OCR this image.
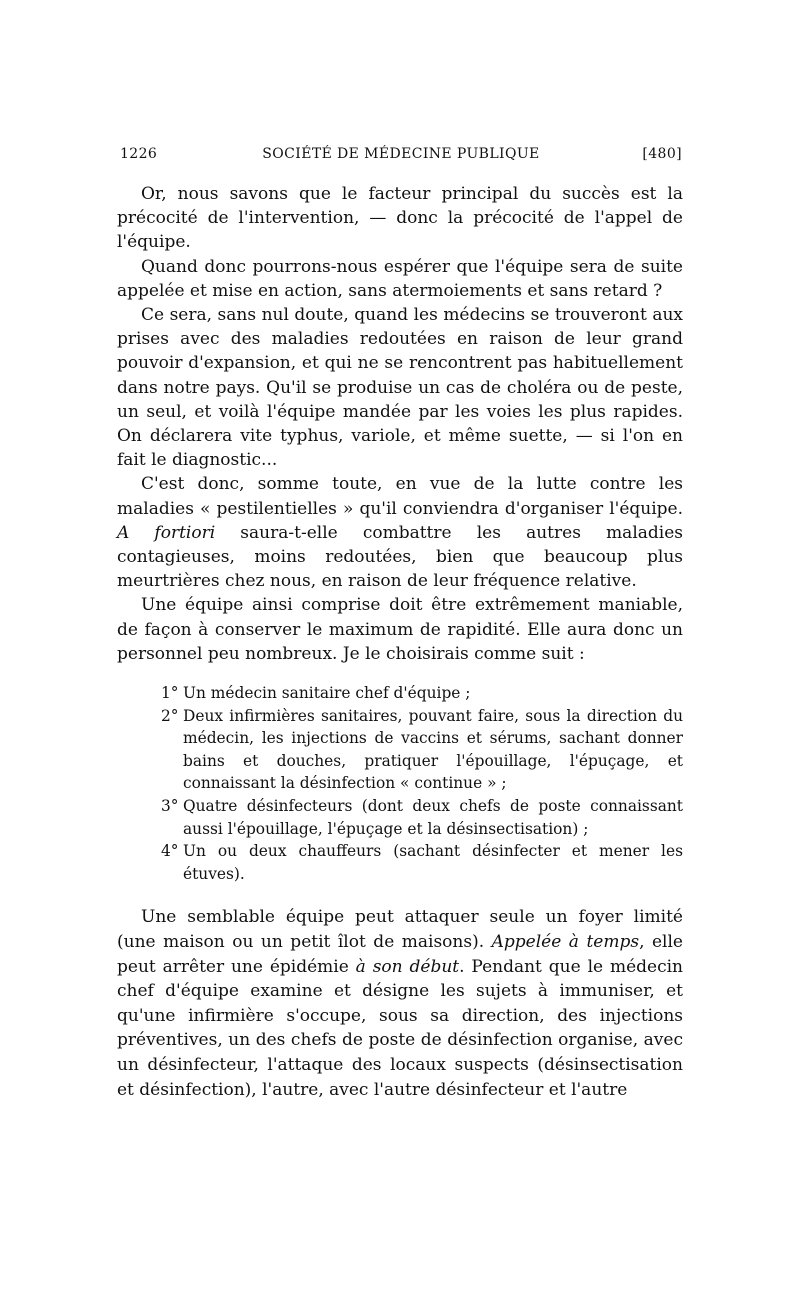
1226	SOCIÉTÉ DE MÉDECINE PUBLIQUE	[480]

Or, nous savons que le facteur principal du succès est la précocité de l'intervention, — donc la précocité de l'appel de l'équipe.

Quand donc pourrons-nous espérer que l'équipe sera de suite appelée et mise en action, sans atermoiements et sans retard ?

Ce sera, sans nul doute, quand les médecins se trouveront aux prises avec des maladies redoutées en raison de leur grand pouvoir d'expansion, et qui ne se rencontrent pas habituellement dans notre pays. Qu'il se produise un cas de choléra ou de peste, un seul, et voilà l'équipe mandée par les voies les plus rapides. On déclarera vite typhus, variole, et même suette, — si l'on en fait le diagnostic...

C'est donc, somme toute, en vue de la lutte contre les maladies « pestilentielles » qu'il conviendra d'organiser l'équipe. A fortiori saura-t-elle combattre les autres maladies contagieuses, moins redoutées, bien que beaucoup plus meurtrières chez nous, en raison de leur fréquence relative.

Une équipe ainsi comprise doit être extrêmement maniable, de façon à conserver le maximum de rapidité. Elle aura donc un personnel peu nombreux. Je le choisirais comme suit :

1° Un médecin sanitaire chef d'équipe ;
2° Deux infirmières sanitaires, pouvant faire, sous la direction du médecin, les injections de vaccins et sérums, sachant donner bains et douches, pratiquer l'épouillage, l'épuçage, et connaissant la désinfection « continue » ;
3° Quatre désinfecteurs (dont deux chefs de poste connaissant aussi l'épouillage, l'épuçage et la désinsectisation) ;
4° Un ou deux chauffeurs (sachant désinfecter et mener les étuves).

Une semblable équipe peut attaquer seule un foyer limité (une maison ou un petit îlot de maisons). Appelée à temps, elle peut arrêter une épidémie à son début. Pendant que le médecin chef d'équipe examine et désigne les sujets à immuniser, et qu'une infirmière s'occupe, sous sa direction, des injections préventives, un des chefs de poste de désinfection organise, avec un désinfecteur, l'attaque des locaux suspects (désinsectisation et désinfection), l'autre, avec l'autre désinfecteur et l'autre
